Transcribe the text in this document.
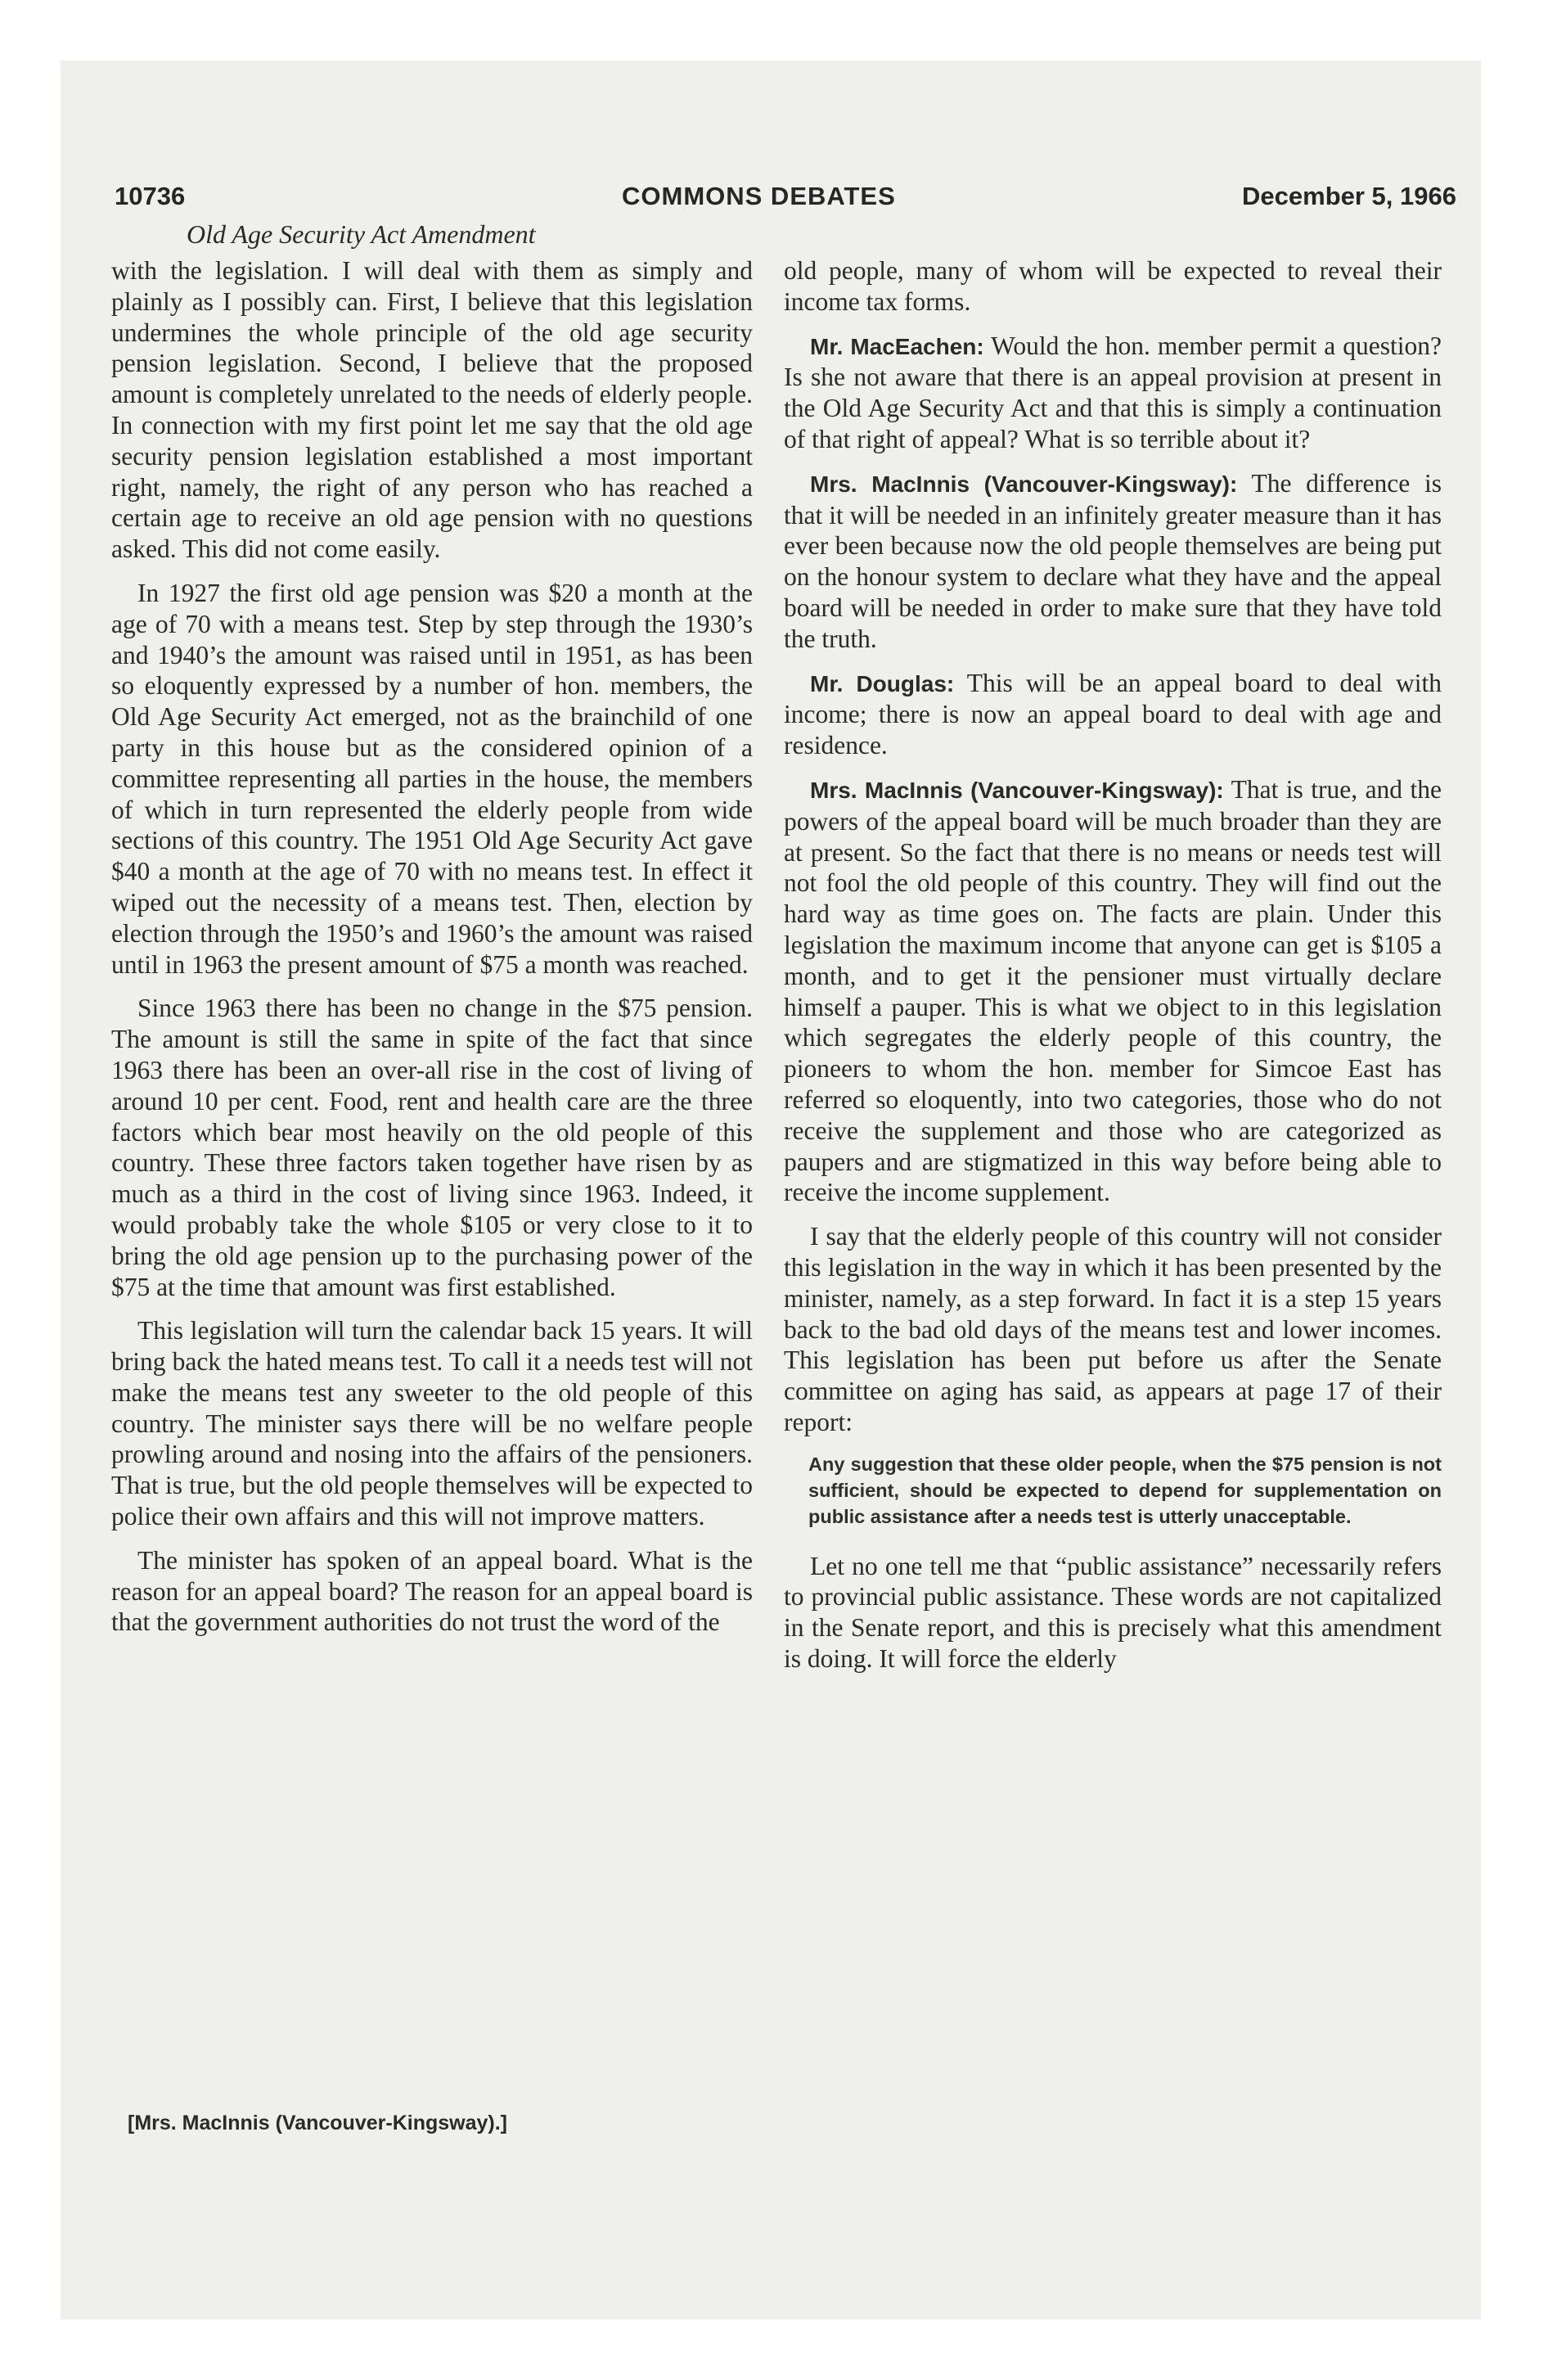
10736	COMMONS DEBATES	December 5, 1966
Old Age Security Act Amendment

with the legislation. I will deal with them as simply and plainly as I possibly can. First, I believe that this legislation undermines the whole principle of the old age security pension legislation. Second, I believe that the proposed amount is completely unrelated to the needs of elderly people. In connection with my first point let me say that the old age security pension legislation established a most important right, namely, the right of any person who has reached a certain age to receive an old age pension with no questions asked. This did not come easily.

In 1927 the first old age pension was $20 a month at the age of 70 with a means test. Step by step through the 1930’s and 1940’s the amount was raised until in 1951, as has been so eloquently expressed by a number of hon. members, the Old Age Security Act emerged, not as the brainchild of one party in this house but as the considered opinion of a committee representing all parties in the house, the members of which in turn represented the elderly people from wide sections of this country. The 1951 Old Age Security Act gave $40 a month at the age of 70 with no means test. In effect it wiped out the necessity of a means test. Then, election by election through the 1950’s and 1960’s the amount was raised until in 1963 the present amount of $75 a month was reached.

Since 1963 there has been no change in the $75 pension. The amount is still the same in spite of the fact that since 1963 there has been an over-all rise in the cost of living of around 10 per cent. Food, rent and health care are the three factors which bear most heavily on the old people of this country. These three factors taken together have risen by as much as a third in the cost of living since 1963. Indeed, it would probably take the whole $105 or very close to it to bring the old age pension up to the purchasing power of the $75 at the time that amount was first established.

This legislation will turn the calendar back 15 years. It will bring back the hated means test. To call it a needs test will not make the means test any sweeter to the old people of this country. The minister says there will be no welfare people prowling around and nosing into the affairs of the pensioners. That is true, but the old people themselves will be expected to police their own affairs and this will not improve matters.

The minister has spoken of an appeal board. What is the reason for an appeal board? The reason for an appeal board is that the government authorities do not trust the word of the

[Mrs. MacInnis (Vancouver-Kingsway).]

old people, many of whom will be expected to reveal their income tax forms.

Mr. MacEachen: Would the hon. member permit a question? Is she not aware that there is an appeal provision at present in the Old Age Security Act and that this is simply a continuation of that right of appeal? What is so terrible about it?

Mrs. MacInnis (Vancouver-Kingsway): The difference is that it will be needed in an infinitely greater measure than it has ever been because now the old people themselves are being put on the honour system to declare what they have and the appeal board will be needed in order to make sure that they have told the truth.

Mr. Douglas: This will be an appeal board to deal with income; there is now an appeal board to deal with age and residence.

Mrs. MacInnis (Vancouver-Kingsway): That is true, and the powers of the appeal board will be much broader than they are at present. So the fact that there is no means or needs test will not fool the old people of this country. They will find out the hard way as time goes on. The facts are plain. Under this legislation the maximum income that anyone can get is $105 a month, and to get it the pensioner must virtually declare himself a pauper. This is what we object to in this legislation which segregates the elderly people of this country, the pioneers to whom the hon. member for Simcoe East has referred so eloquently, into two categories, those who do not receive the supplement and those who are categorized as paupers and are stigmatized in this way before being able to receive the income supplement.

I say that the elderly people of this country will not consider this legislation in the way in which it has been presented by the minister, namely, as a step forward. In fact it is a step 15 years back to the bad old days of the means test and lower incomes. This legislation has been put before us after the Senate committee on aging has said, as appears at page 17 of their report:

Any suggestion that these older people, when the $75 pension is not sufficient, should be expected to depend for supplementation on public assistance after a needs test is utterly unacceptable.

Let no one tell me that “public assistance” necessarily refers to provincial public assistance. These words are not capitalized in the Senate report, and this is precisely what this amendment is doing. It will force the elderly
